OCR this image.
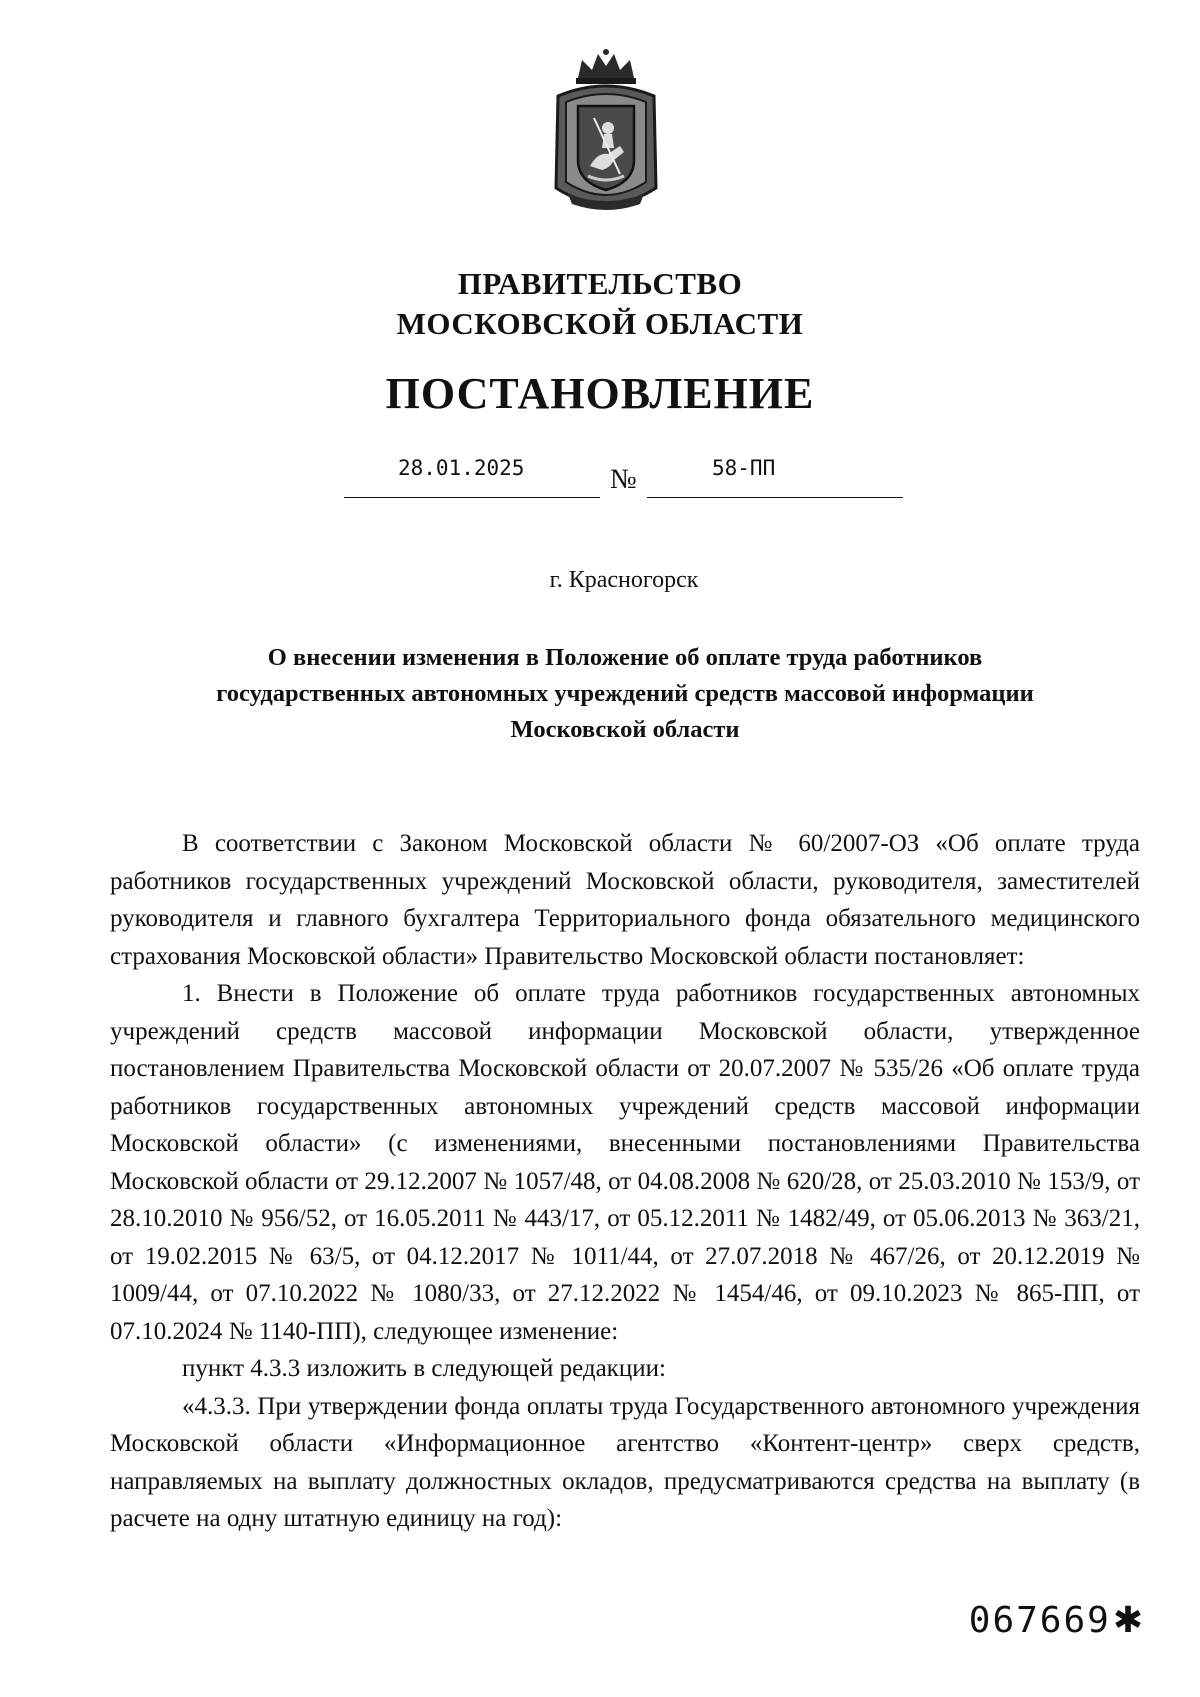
ПРАВИТЕЛЬСТВО
МОСКОВСКОЙ ОБЛАСТИ
ПОСТАНОВЛЕНИЕ
28.01.2025	№	58-ПП
г. Красногорск
О внесении изменения в Положение об оплате труда работников
государственных автономных учреждений средств массовой информации
Московской области

В соответствии с Законом Московской области № 60/2007-ОЗ «Об оплате труда работников государственных учреждений Московской области, руководителя, заместителей руководителя и главного бухгалтера Территориального фонда обязательного медицинского страхования Московской области» Правительство Московской области постановляет:

1. Внести в Положение об оплате труда работников государственных автономных учреждений средств массовой информации Московской области, утвержденное постановлением Правительства Московской области от 20.07.2007 № 535/26 «Об оплате труда работников государственных автономных учреждений средств массовой информации Московской области» (с изменениями, внесенными постановлениями Правительства Московской области от 29.12.2007 № 1057/48, от 04.08.2008 № 620/28, от 25.03.2010 № 153/9, от 28.10.2010 № 956/52, от 16.05.2011 № 443/17, от 05.12.2011 № 1482/49, от 05.06.2013 № 363/21, от 19.02.2015 № 63/5, от 04.12.2017 № 1011/44, от 27.07.2018 № 467/26, от 20.12.2019 № 1009/44, от 07.10.2022 № 1080/33, от 27.12.2022 № 1454/46, от 09.10.2023 № 865-ПП, от 07.10.2024 № 1140-ПП), следующее изменение:

пункт 4.3.3 изложить в следующей редакции:

«4.3.3. При утверждении фонда оплаты труда Государственного автономного учреждения Московской области «Информационное агентство «Контент-центр» сверх средств, направляемых на выплату должностных окладов, предусматриваются средства на выплату (в расчете на одну штатную единицу на год):

067669✱
